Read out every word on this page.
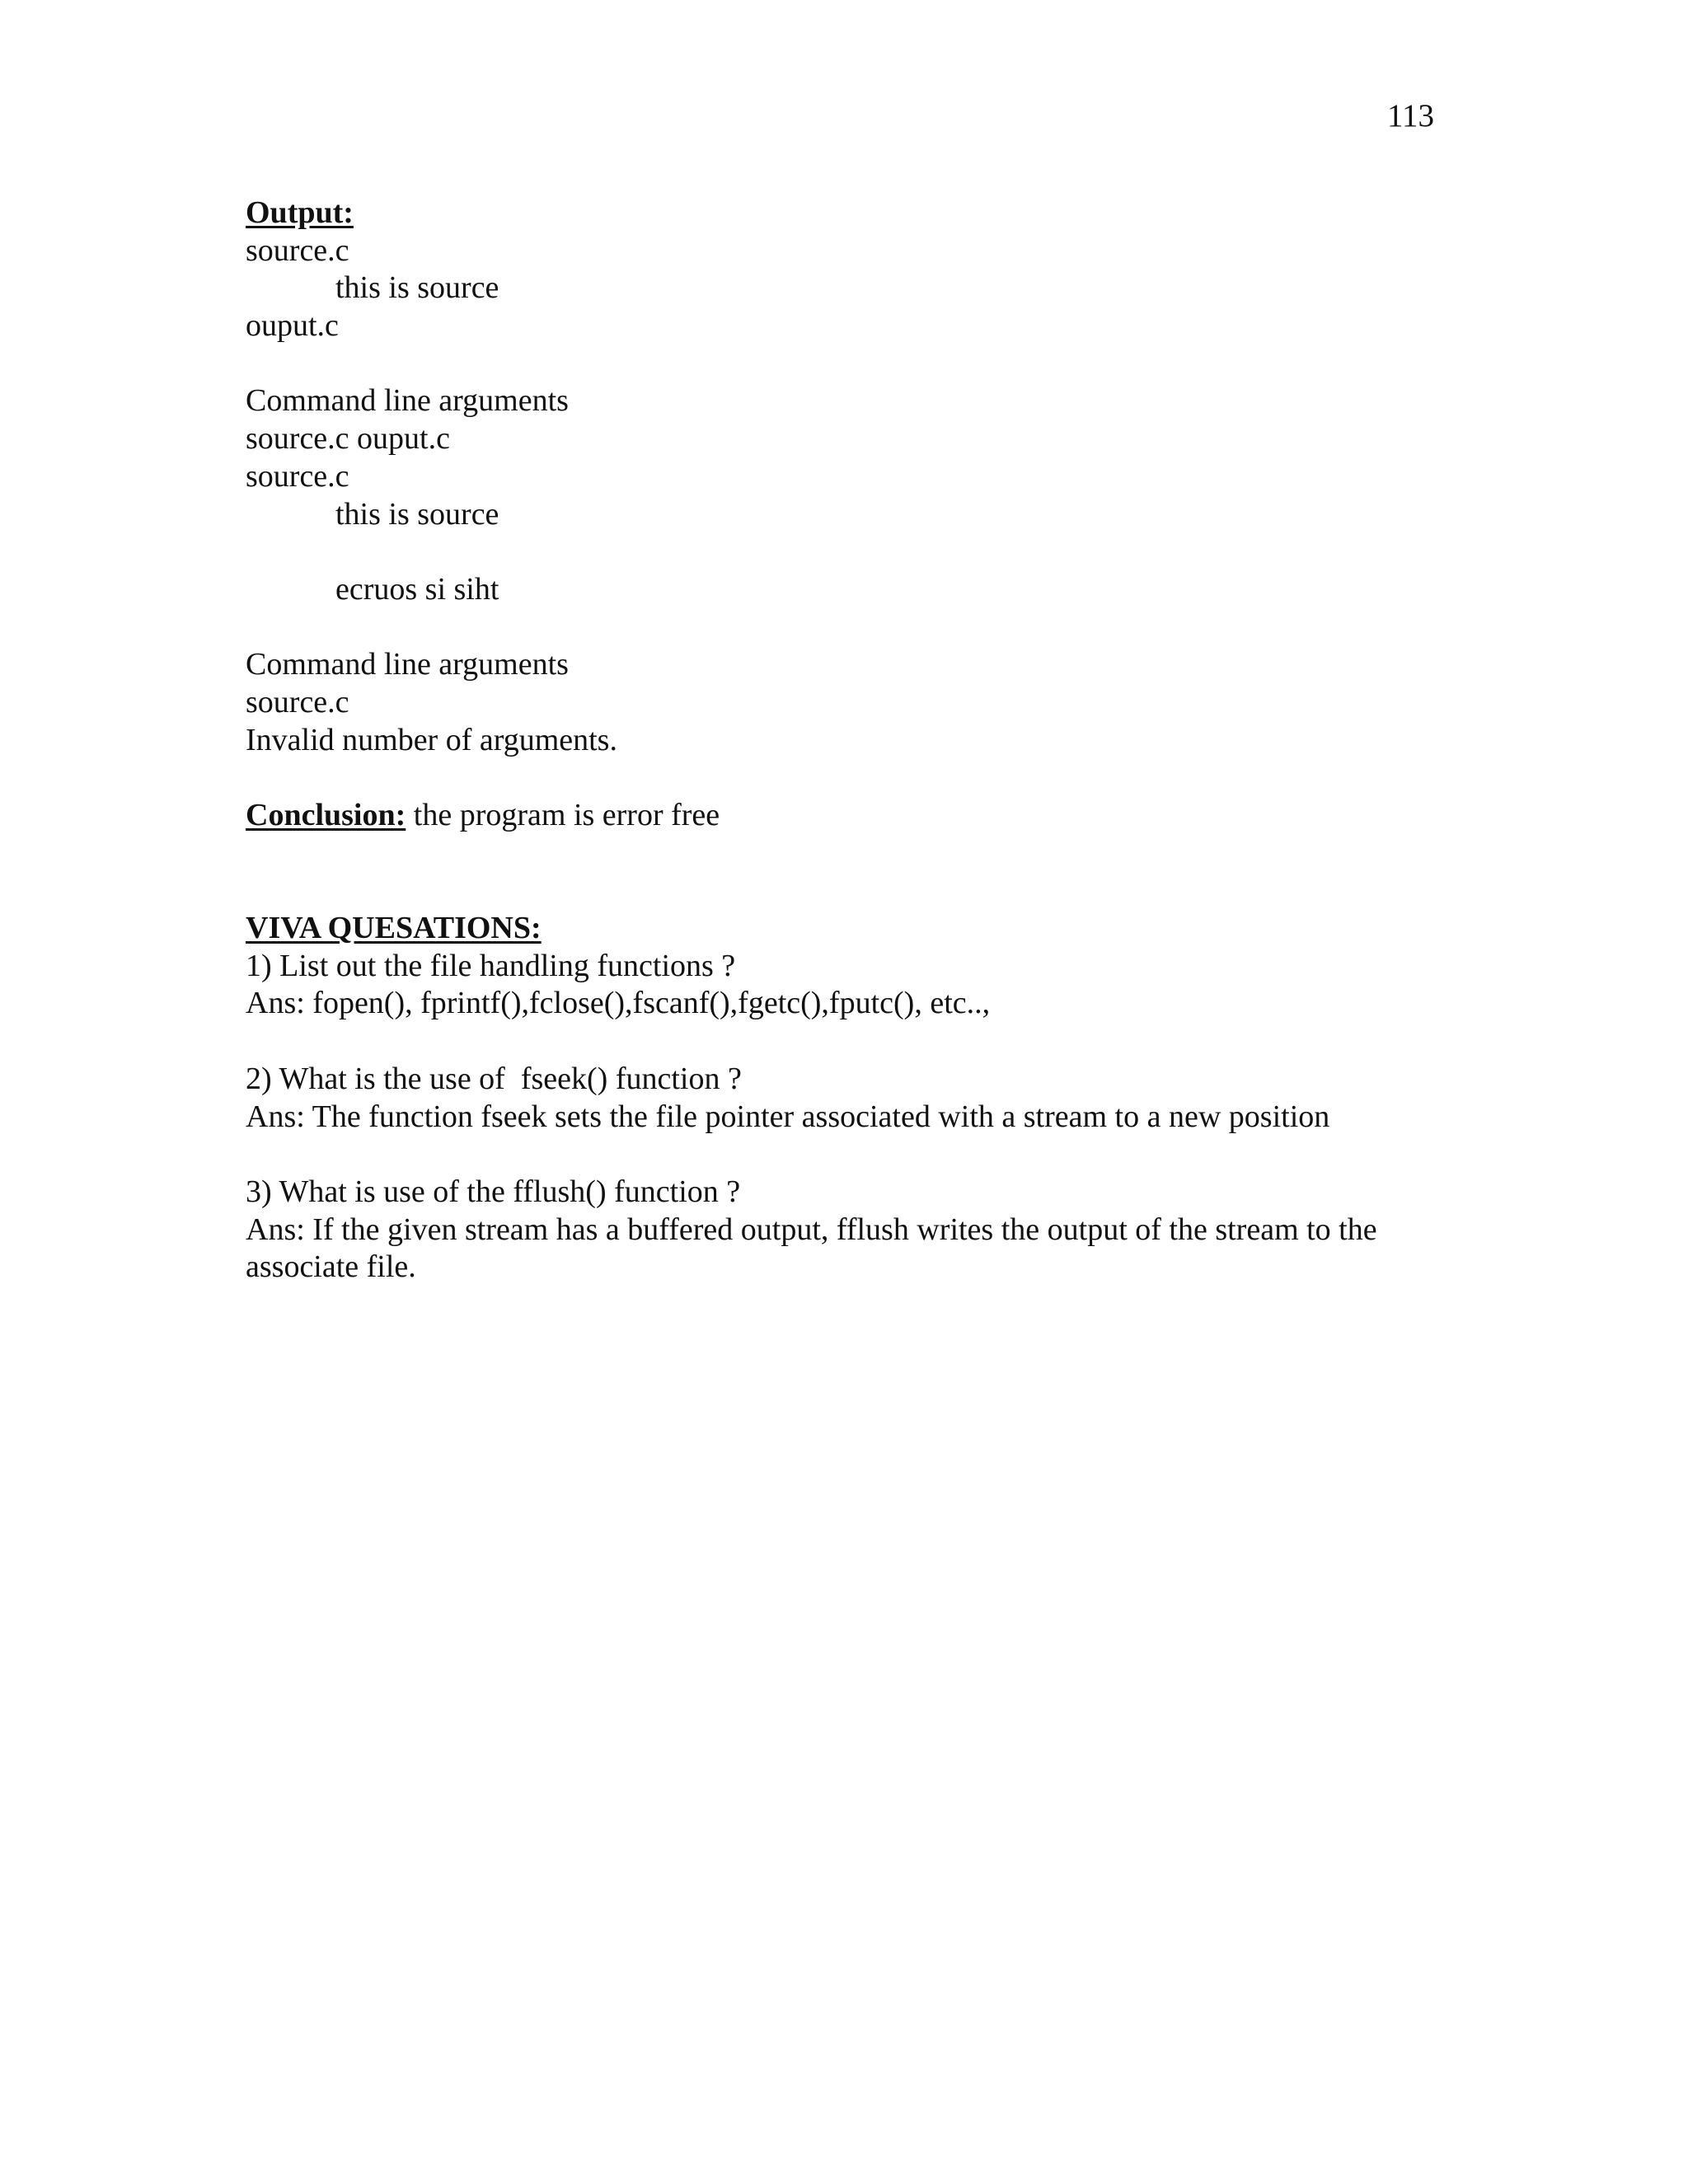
113
Output:
source.c
this is source
ouput.c
Command line arguments
source.c ouput.c
source.c
this is source
ecruos si siht
Command line arguments
source.c
Invalid number of arguments.
Conclusion: the program is error free
VIVA QUESATIONS:
1) List out the file handling functions ?
Ans: fopen(), fprintf(),fclose(),fscanf(),fgetc(),fputc(), etc..,
2) What is the use of  fseek() function ?
Ans: The function fseek sets the file pointer associated with a stream to a new position
3) What is use of the fflush() function ?
Ans: If the given stream has a buffered output, fflush writes the output of the stream to the associate file.
